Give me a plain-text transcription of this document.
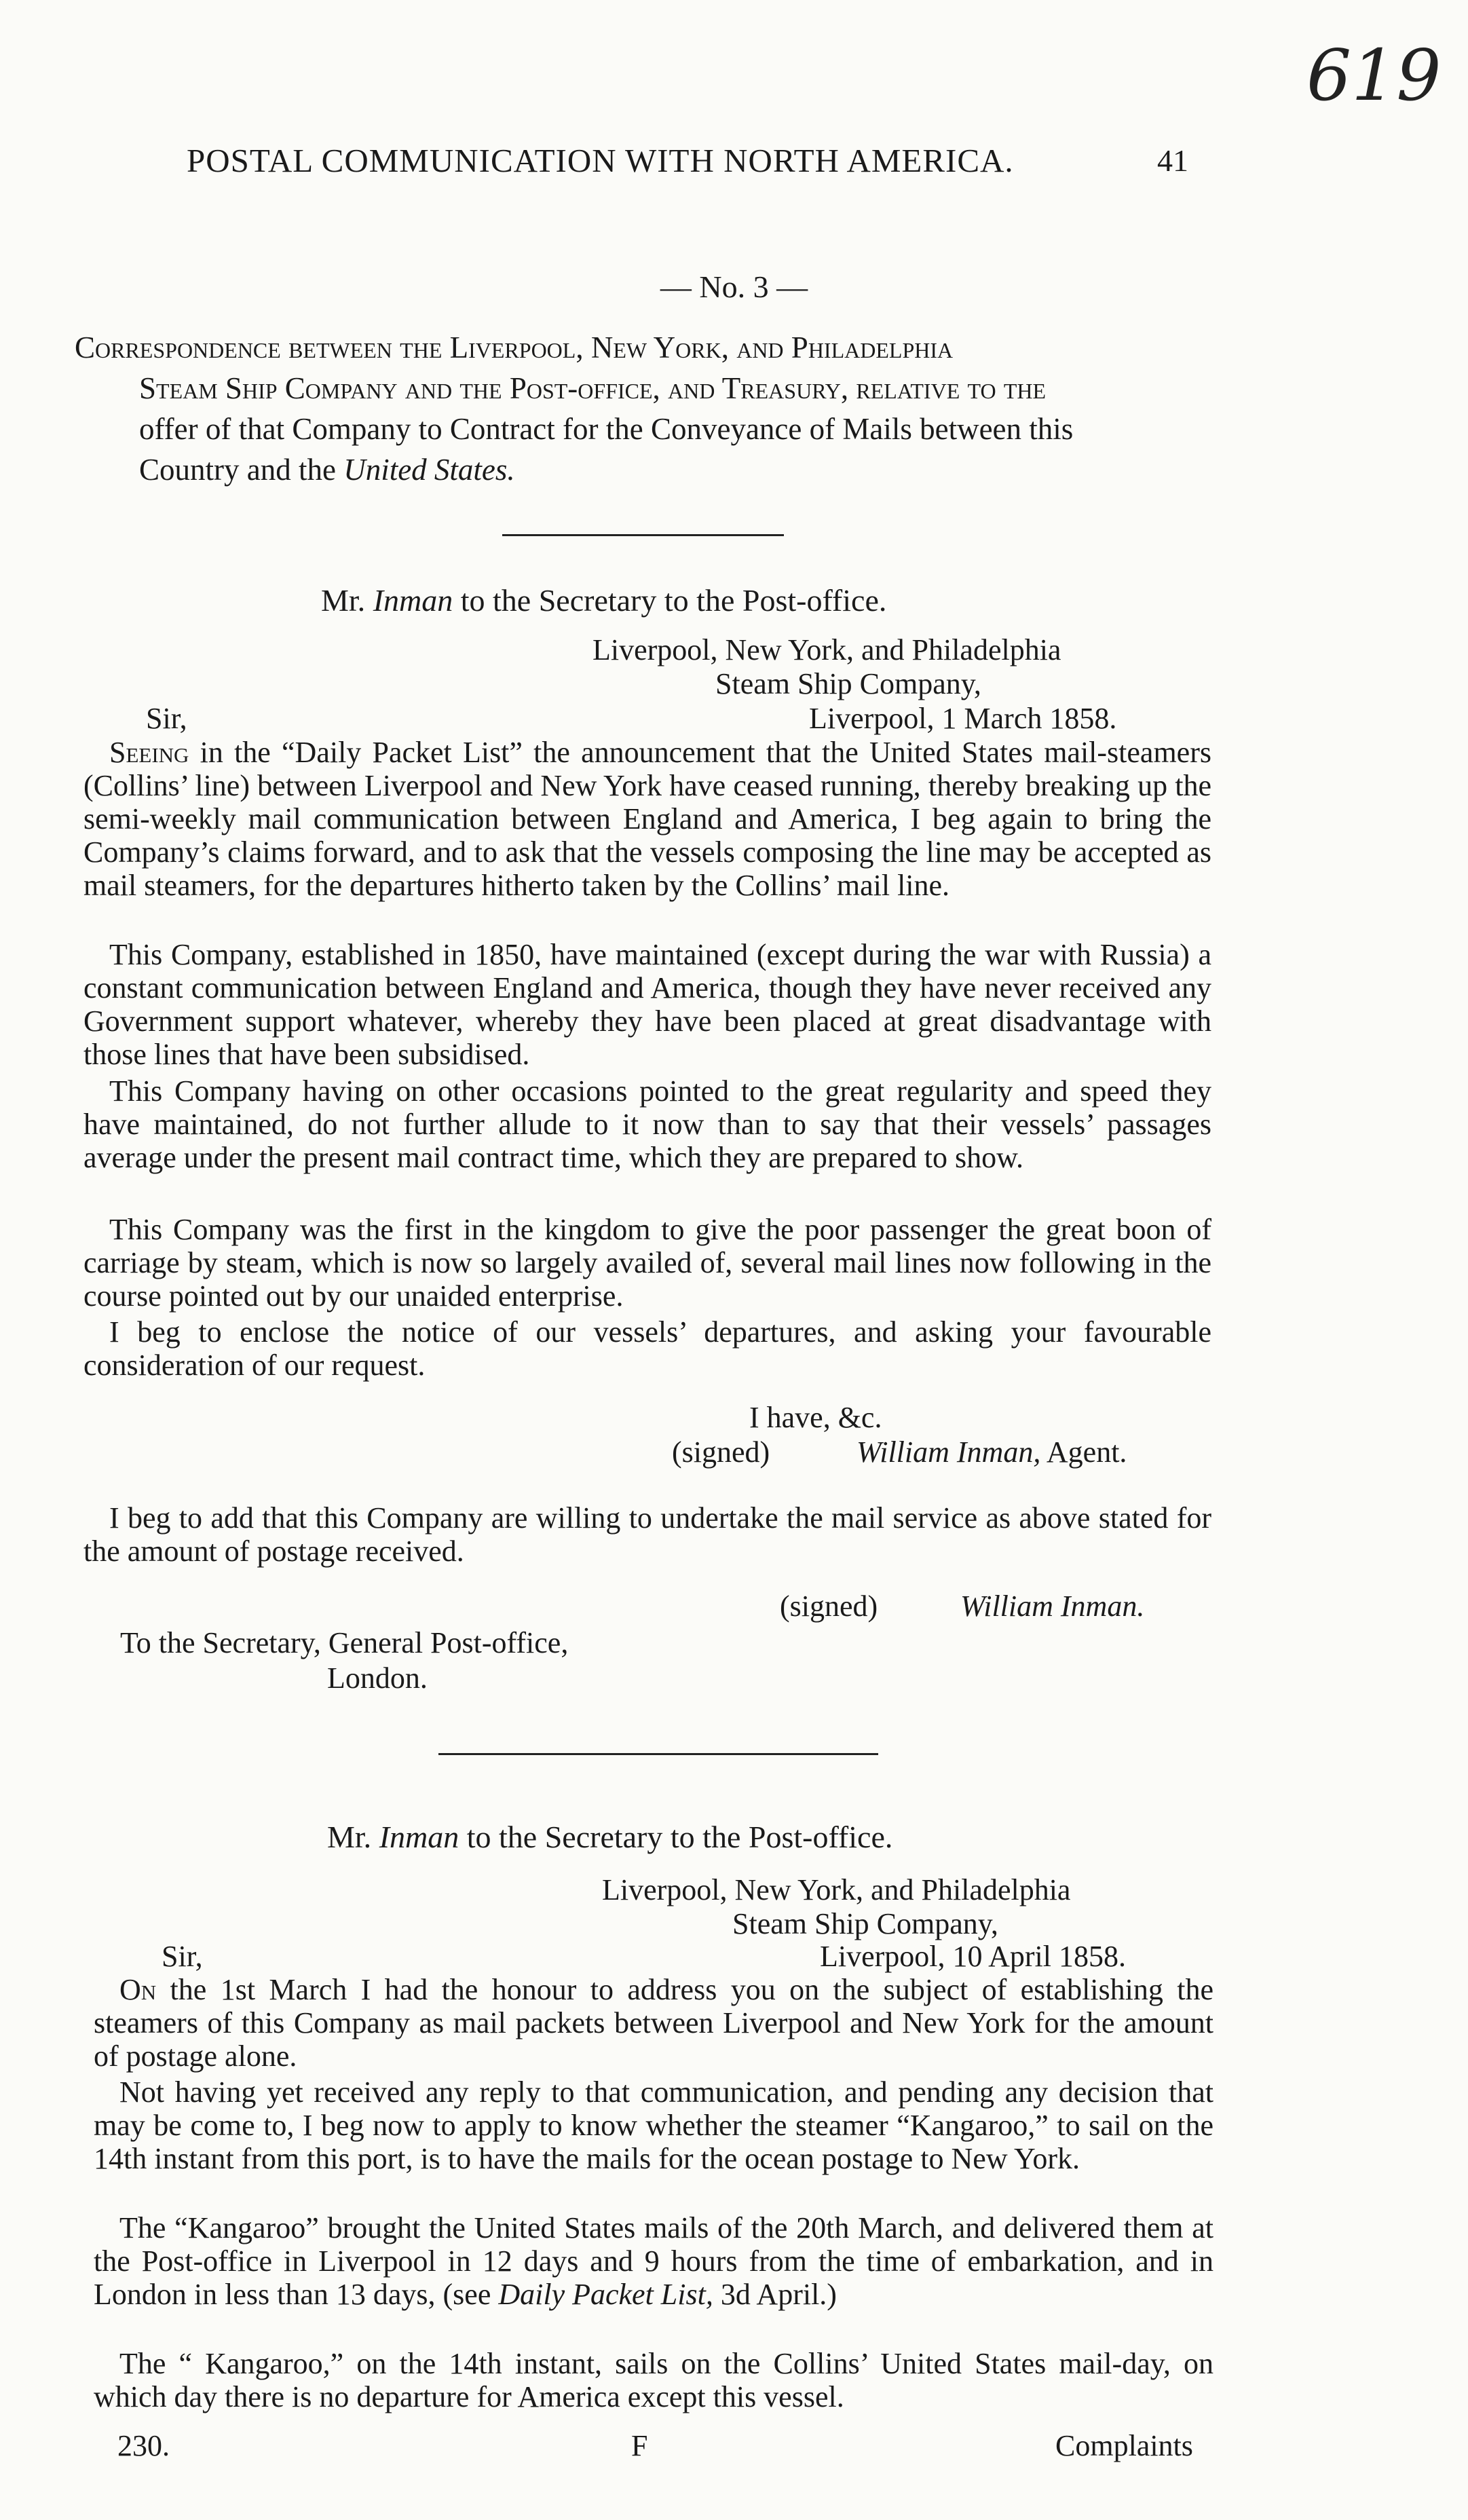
619
POSTAL COMMUNICATION WITH NORTH AMERICA.	41
— No. 3 —

Correspondence between the Liverpool, New York, and Philadelphia

Steam Ship Company and the Post-office, and Treasury, relative to the

offer of that Company to Contract for the Conveyance of Mails between this

Country and the United States.

Mr. Inman to the Secretary to the Post-office.
Liverpool, New York, and Philadelphia
Steam Ship Company,
Sir,	Liverpool, 1 March 1858.

Seeing in the “Daily Packet List” the announcement that the United States mail-steamers (Collins’ line) between Liverpool and New York have ceased running, thereby breaking up the semi-weekly mail communication between England and America, I beg again to bring the Company’s claims forward, and to ask that the vessels composing the line may be accepted as mail steamers, for the departures hitherto taken by the Collins’ mail line.

This Company, established in 1850, have maintained (except during the war with Russia) a constant communication between England and America, though they have never received any Government support whatever, whereby they have been placed at great disadvantage with those lines that have been subsidised.

This Company having on other occasions pointed to the great regularity and speed they have maintained, do not further allude to it now than to say that their vessels’ passages average under the present mail contract time, which they are prepared to show.

This Company was the first in the kingdom to give the poor passenger the great boon of carriage by steam, which is now so largely availed of, several mail lines now following in the course pointed out by our unaided enterprise.

I beg to enclose the notice of our vessels’ departures, and asking your favourable consideration of our request.

I have, &c.
(signed)	William Inman, Agent.

I beg to add that this Company are willing to undertake the mail service as above stated for the amount of postage received.

(signed)	William Inman.
To the Secretary, General Post-office,
London.
Mr. Inman to the Secretary to the Post-office.
Liverpool, New York, and Philadelphia
Steam Ship Company,
Sir,	Liverpool, 10 April 1858.

On the 1st March I had the honour to address you on the subject of establishing the steamers of this Company as mail packets between Liverpool and New York for the amount of postage alone.

Not having yet received any reply to that communication, and pending any decision that may be come to, I beg now to apply to know whether the steamer “Kangaroo,” to sail on the 14th instant from this port, is to have the mails for the ocean postage to New York.

The “Kangaroo” brought the United States mails of the 20th March, and delivered them at the Post-office in Liverpool in 12 days and 9 hours from the time of embarkation, and in London in less than 13 days, (see Daily Packet List, 3d April.)

The “ Kangaroo,” on the 14th instant, sails on the Collins’ United States mail-day, on which day there is no departure for America except this vessel.

230.	F	Complaints
